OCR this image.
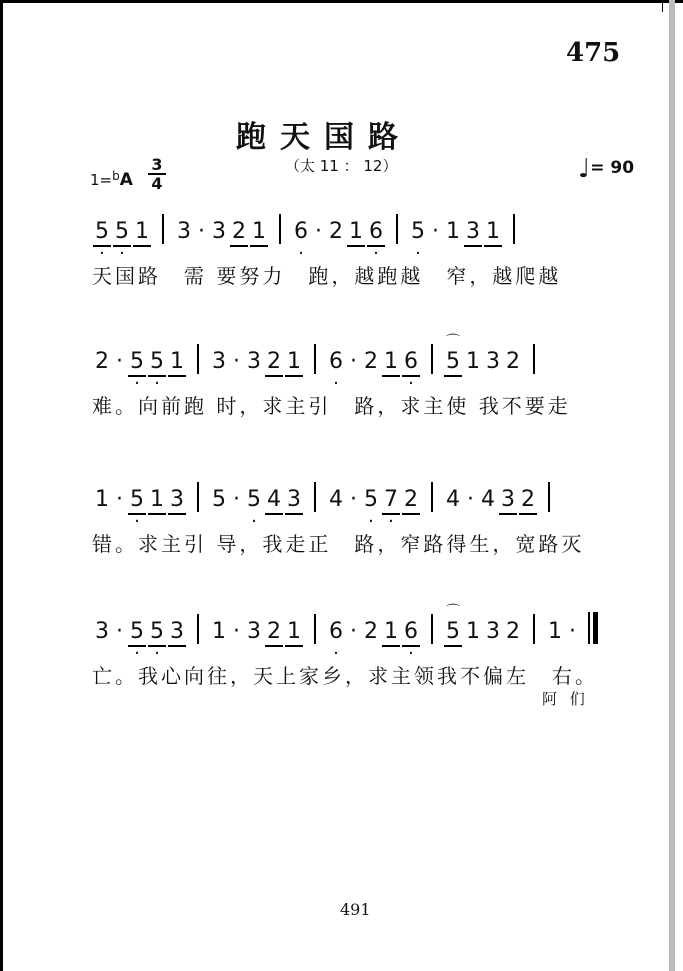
475
跑天国路
（太 11 ： 12）
1=$^b$A
3
4	♩= 90
· 5 · 5 1 3 · 3 2 1 · 6 · 2 1 · 6 · 5 · 1 3 1
天国路　需 要努力　跑，越跑越　窄，越爬越
2 · · 5 · 5 1 3 · 3 2 1 · 6 · 2 1 · 6 ⌒ 5 1 3 2
难。向前跑 时，求主引　路，求主使 我不要走
1 · · 5 1 3 5 · · 5 4 3 4 · · 5 · 7 2 4 · 4 3 2
错。求主引 导，我走正　路，窄路得生，宽路灭
3 · · 5 · 5 3 1 · 3 2 1 · 6 · 2 1 · 6 ⌒ 5 1 3 2 1 ·
亡。我心向往，天上家乡，求主领我不偏左　右。
阿 们
491
